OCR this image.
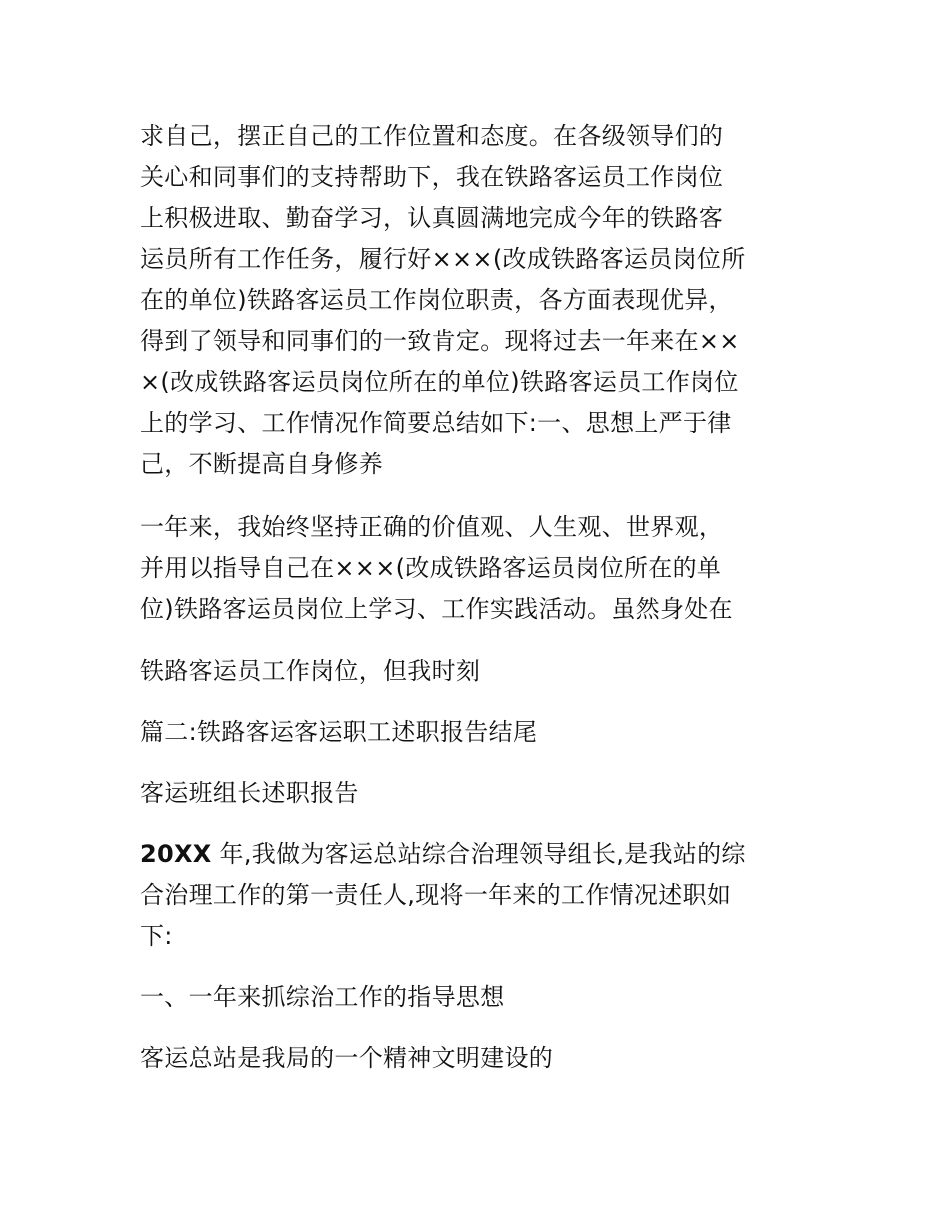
求自己，摆正自己的工作位置和态度。在各级领导们的
关心和同事们的支持帮助下，我在铁路客运员工作岗位
上积极进取、勤奋学习，认真圆满地完成今年的铁路客
运员所有工作任务，履行好×××(改成铁路客运员岗位所
在的单位)铁路客运员工作岗位职责，各方面表现优异，
得到了领导和同事们的一致肯定。现将过去一年来在××
×(改成铁路客运员岗位所在的单位)铁路客运员工作岗位
上的学习、工作情况作简要总结如下:一、思想上严于律
己，不断提高自身修养

一年来，我始终坚持正确的价值观、人生观、世界观，
并用以指导自己在×××(改成铁路客运员岗位所在的单
位)铁路客运员岗位上学习、工作实践活动。虽然身处在

铁路客运员工作岗位，但我时刻

篇二:铁路客运客运职工述职报告结尾

客运班组长述职报告

20XX 年,我做为客运总站综合治理领导组长,是我站的综
合治理工作的第一责任人,现将一年来的工作情况述职如
下:

一、一年来抓综治工作的指导思想

客运总站是我局的一个精神文明建设的
